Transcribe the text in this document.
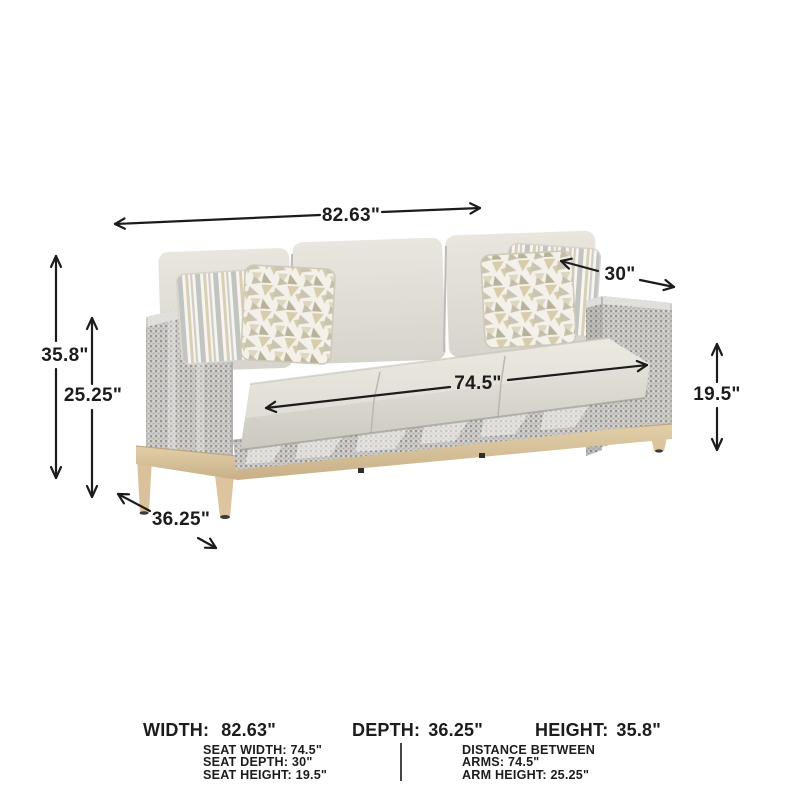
82.63"
30"
35.8"
25.25"
74.5"
19.5"
36.25"
WIDTH: 82.63"	DEPTH: 36.25"	HEIGHT: 35.8"
SEAT WIDTH: 74.5"
SEAT DEPTH: 30"
SEAT HEIGHT: 19.5"
DISTANCE BETWEEN
ARMS: 74.5"
ARM HEIGHT: 25.25"
